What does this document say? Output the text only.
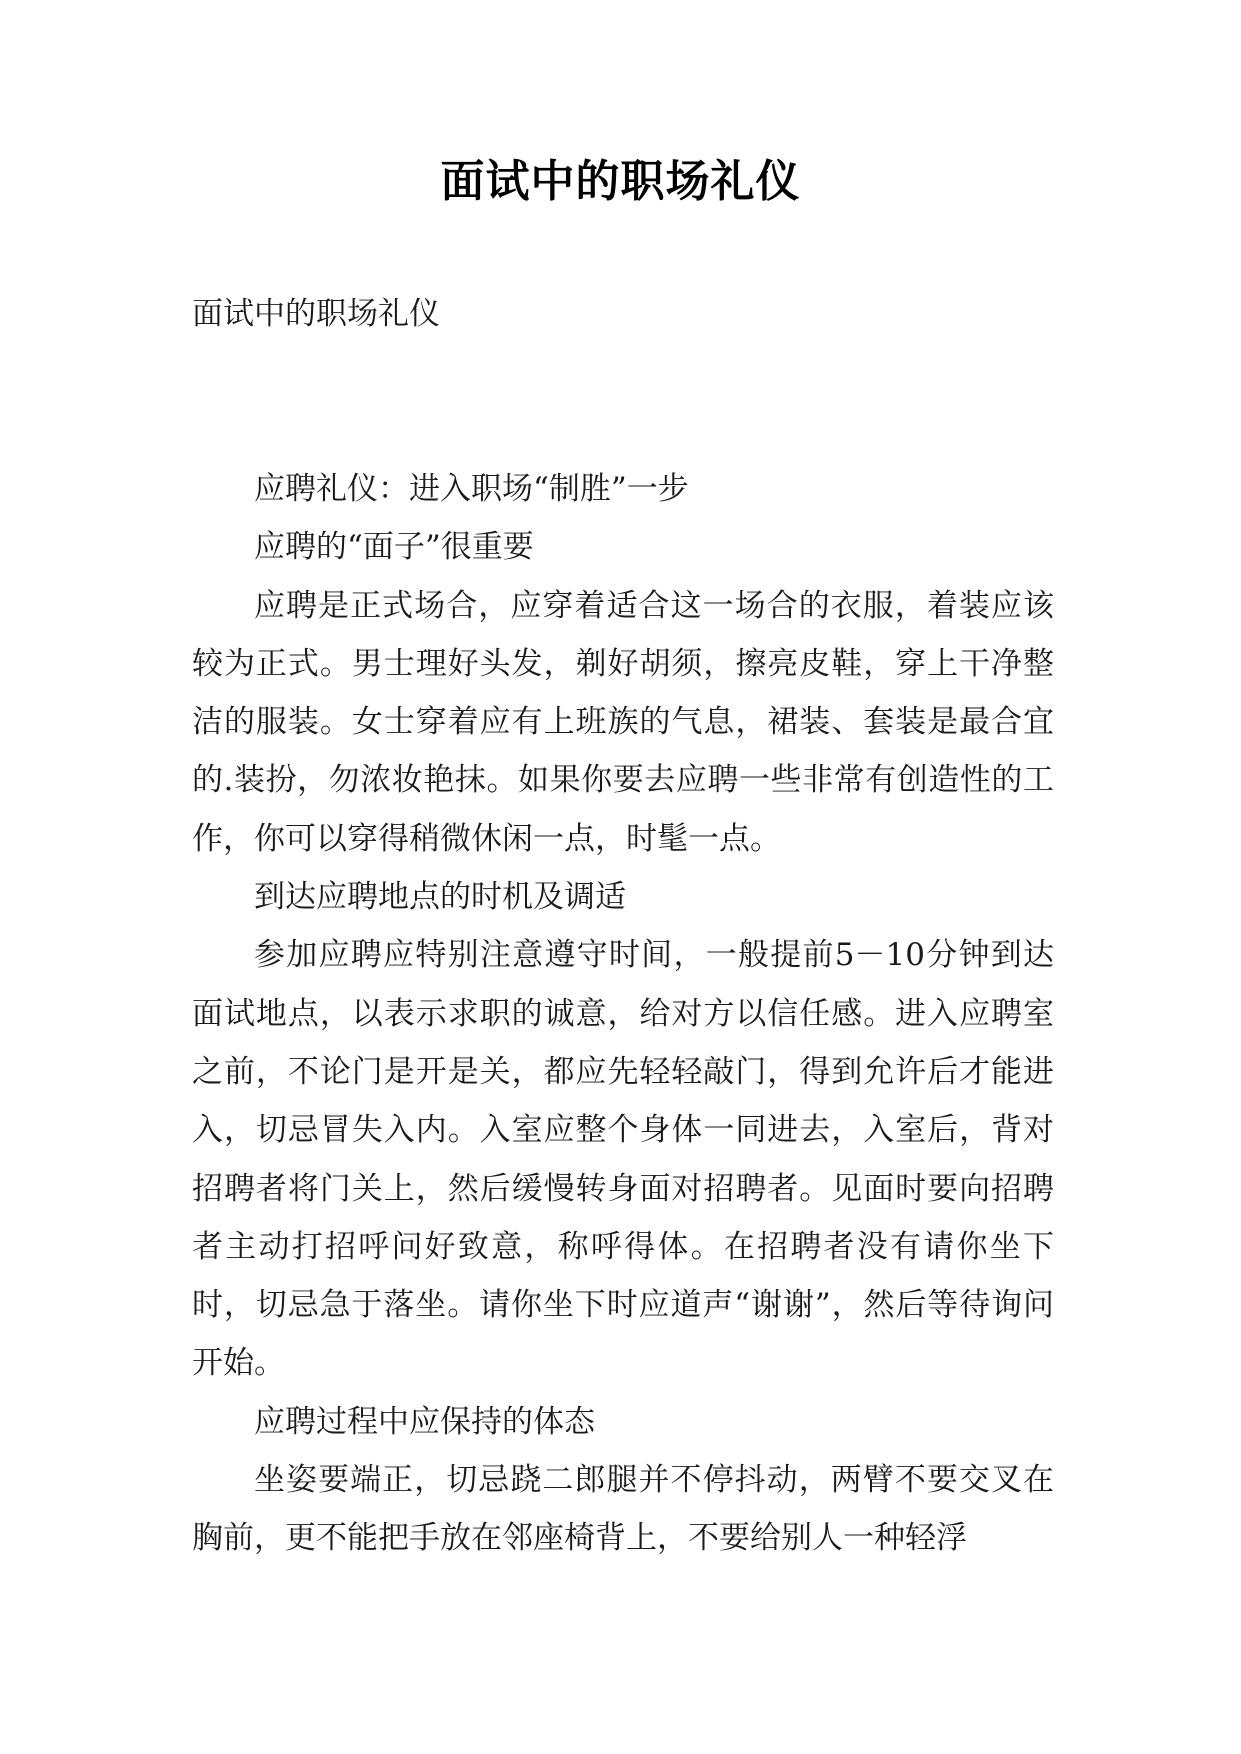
面试中的职场礼仪
面试中的职场礼仪

应聘礼仪：进入职场“制胜”一步

应聘的“面子”很重要

应聘是正式场合，应穿着适合这一场合的衣服，着装应该较为正式。男士理好头发，剃好胡须，擦亮皮鞋，穿上干净整洁的服装。女士穿着应有上班族的气息，裙装、套装是最合宜的.装扮，勿浓妆艳抹。如果你要去应聘一些非常有创造性的工作，你可以穿得稍微休闲一点，时髦一点。

到达应聘地点的时机及调适

参加应聘应特别注意遵守时间，一般提前5－10分钟到达面试地点，以表示求职的诚意，给对方以信任感。进入应聘室之前，不论门是开是关，都应先轻轻敲门，得到允许后才能进入，切忌冒失入内。入室应整个身体一同进去，入室后，背对招聘者将门关上，然后缓慢转身面对招聘者。见面时要向招聘者主动打招呼问好致意，称呼得体。在招聘者没有请你坐下时，切忌急于落坐。请你坐下时应道声“谢谢”，然后等待询问开始。

应聘过程中应保持的体态

坐姿要端正，切忌跷二郎腿并不停抖动，两臂不要交叉在胸前，更不能把手放在邻座椅背上，不要给别人一种轻浮
